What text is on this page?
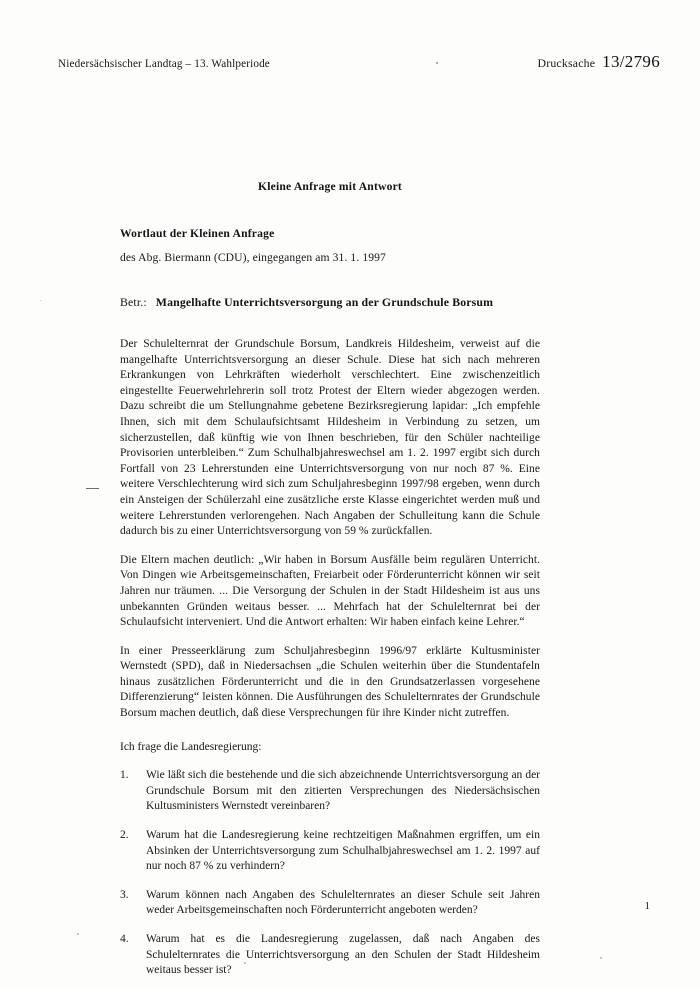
Niedersächsischer Landtag – 13. Wahlperiode	Drucksache 13/2796
Kleine Anfrage mit Antwort
Wortlaut der Kleinen Anfrage
des Abg. Biermann (CDU), eingegangen am 31. 1. 1997
Betr.: Mangelhafte Unterrichtsversorgung an der Grundschule Borsum

Der Schulelternrat der Grundschule Borsum, Landkreis Hildesheim, verweist auf die mangelhafte Unterrichtsversorgung an dieser Schule. Diese hat sich nach mehreren Erkrankungen von Lehrkräften wiederholt verschlechtert. Eine zwischenzeitlich eingestellte Feuerwehrlehrerin soll trotz Protest der Eltern wieder abgezogen werden. Dazu schreibt die um Stellungnahme gebetene Bezirksregierung lapidar: „Ich empfehle Ihnen, sich mit dem Schulaufsichtsamt Hildesheim in Verbindung zu setzen, um sicherzustellen, daß künftig wie von Ihnen beschrieben, für den Schüler nachteilige Provisorien unterbleiben.“ Zum Schulhalbjahreswechsel am 1. 2. 1997 ergibt sich durch Fortfall von 23 Lehrerstunden eine Unterrichtsversorgung von nur noch 87 %. Eine weitere Verschlechterung wird sich zum Schuljahresbeginn 1997/98 ergeben, wenn durch ein Ansteigen der Schülerzahl eine zusätzliche erste Klasse eingerichtet werden muß und weitere Lehrerstunden verlorengehen. Nach Angaben der Schulleitung kann die Schule dadurch bis zu einer Unterrichtsversorgung von 59 % zurückfallen.

Die Eltern machen deutlich: „Wir haben in Borsum Ausfälle beim regulären Unterricht. Von Dingen wie Arbeitsgemeinschaften, Freiarbeit oder Förderunterricht können wir seit Jahren nur träumen. ... Die Versorgung der Schulen in der Stadt Hildesheim ist aus uns unbekannten Gründen weitaus besser. ... Mehrfach hat der Schulelternrat bei der Schulaufsicht interveniert. Und die Antwort erhalten: Wir haben einfach keine Lehrer.“

In einer Presseerklärung zum Schuljahresbeginn 1996/97 erklärte Kultusminister Wernstedt (SPD), daß in Niedersachsen „die Schulen weiterhin über die Stundentafeln hinaus zusätzlichen Förderunterricht und die in den Grundsatzerlassen vorgesehene Differenzierung“ leisten können. Die Ausführungen des Schulelternrates der Grundschule Borsum machen deutlich, daß diese Versprechungen für ihre Kinder nicht zutreffen.

Ich frage die Landesregierung:

1.	Wie läßt sich die bestehende und die sich abzeichnende Unterrichtsversorgung an der Grundschule Borsum mit den zitierten Versprechungen des Niedersächsischen Kultusministers Wernstedt vereinbaren?
2.	Warum hat die Landesregierung keine rechtzeitigen Maßnahmen ergriffen, um ein Absinken der Unterrichtsversorgung zum Schulhalbjahreswechsel am 1. 2. 1997 auf nur noch 87 % zu verhindern?
3.	Warum können nach Angaben des Schulelternrates an dieser Schule seit Jahren weder Arbeitsgemeinschaften noch Förderunterricht angeboten werden?
4.	Warum hat es die Landesregierung zugelassen, daß nach Angaben des Schulelternrates die Unterrichtsversorgung an den Schulen der Stadt Hildesheim weitaus besser ist?
1
